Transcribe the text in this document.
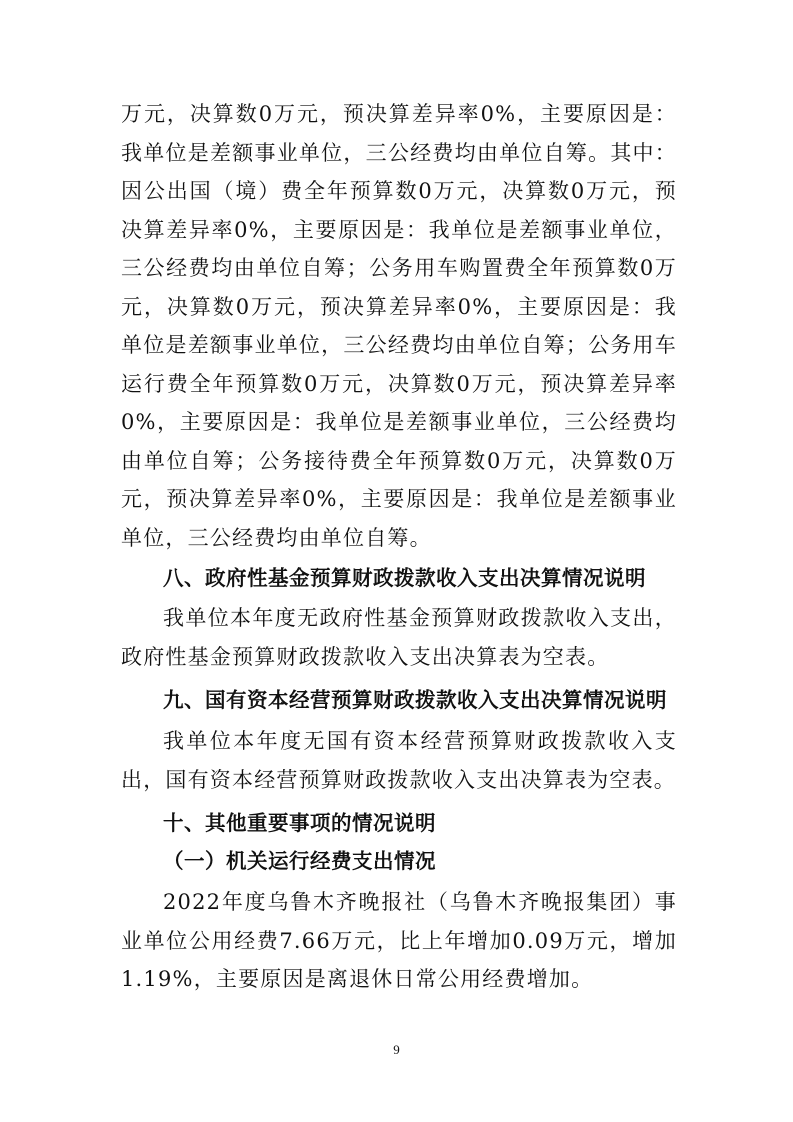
万元，决算数0万元，预决算差异率0%，主要原因是：我单位是差额事业单位，三公经费均由单位自筹。其中：因公出国（境）费全年预算数0万元，决算数0万元，预决算差异率0%，主要原因是：我单位是差额事业单位，三公经费均由单位自筹；公务用车购置费全年预算数0万元，决算数0万元，预决算差异率0%，主要原因是：我单位是差额事业单位，三公经费均由单位自筹；公务用车运行费全年预算数0万元，决算数0万元，预决算差异率0%，主要原因是：我单位是差额事业单位，三公经费均由单位自筹；公务接待费全年预算数0万元，决算数0万元，预决算差异率0%，主要原因是：我单位是差额事业单位，三公经费均由单位自筹。

八、政府性基金预算财政拨款收入支出决算情况说明

我单位本年度无政府性基金预算财政拨款收入支出，政府性基金预算财政拨款收入支出决算表为空表。

九、国有资本经营预算财政拨款收入支出决算情况说明

我单位本年度无国有资本经营预算财政拨款收入支出，国有资本经营预算财政拨款收入支出决算表为空表。

十、其他重要事项的情况说明
（一）机关运行经费支出情况

2022年度乌鲁木齐晚报社（乌鲁木齐晚报集团）事业单位公用经费7.66万元，比上年增加0.09万元，增加1.19%，主要原因是离退休日常公用经费增加。

9
